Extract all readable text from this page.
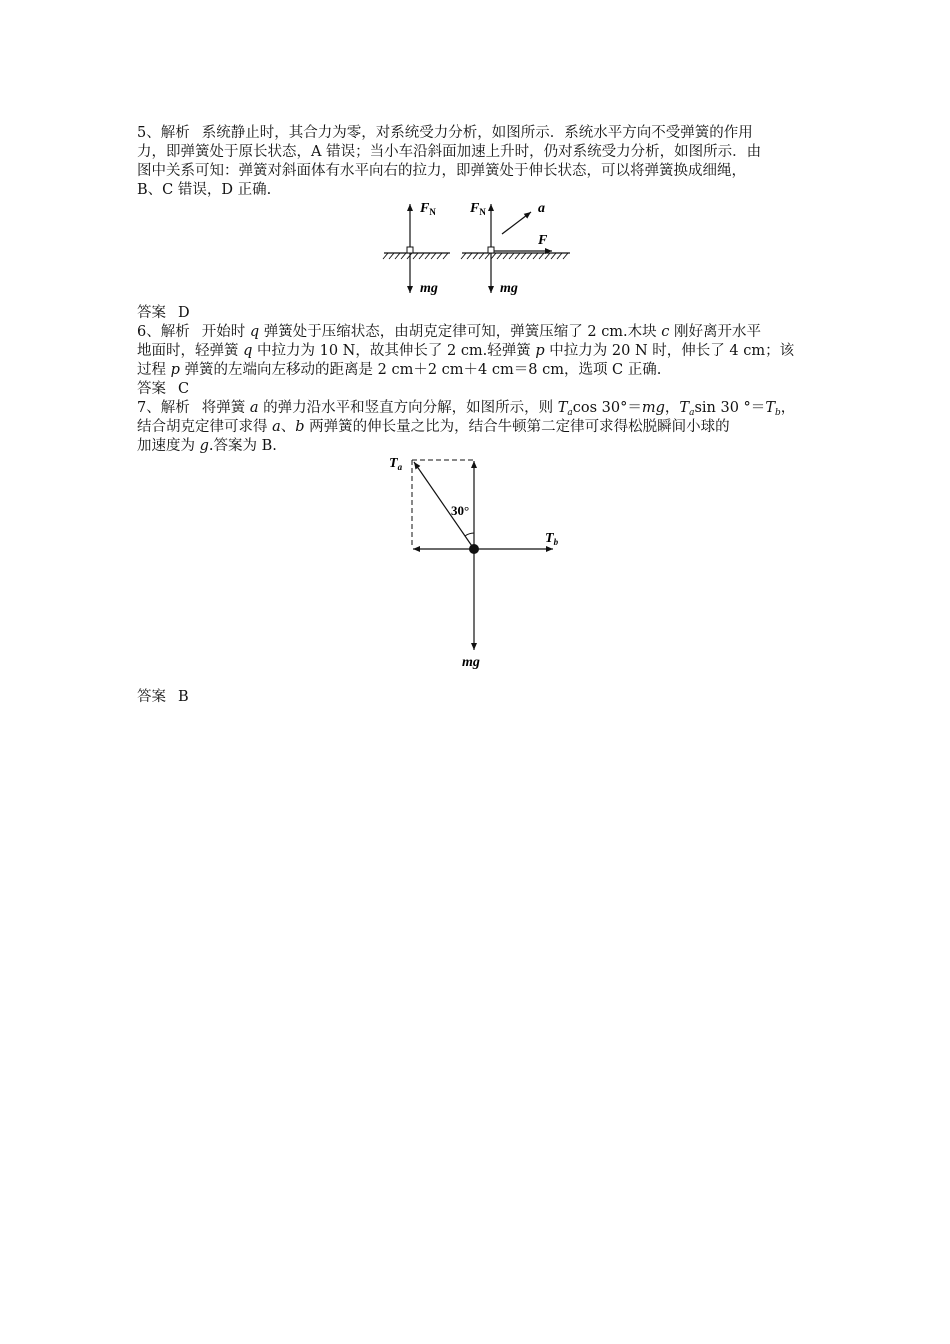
5、解析 系统静止时，其合力为零，对系统受力分析，如图所示．系统水平方向不受弹簧的作用
力，即弹簧处于原长状态，A 错误；当小车沿斜面加速上升时，仍对系统受力分析，如图所示．由
图中关系可知：弹簧对斜面体有水平向右的拉力，即弹簧处于伸长状态，可以将弹簧换成细绳，
B、C 错误，D 正确.
$F_N$
mg
$F_N$	a
F
mg
答案 D
6、解析 开始时 q 弹簧处于压缩状态，由胡克定律可知，弹簧压缩了 2 cm.木块 c 刚好离开水平
地面时，轻弹簧 q 中拉力为 10 N，故其伸长了 2 cm.轻弹簧 p 中拉力为 20 N 时，伸长了 4 cm；该
过程 p 弹簧的左端向左移动的距离是 2 cm＋2 cm＋4 cm＝8 cm，选项 C 正确.
答案 C
7、解析 将弹簧 a 的弹力沿水平和竖直方向分解，如图所示，则 $T_a\cos$ 30°＝mg，$T_a\sin$ 30 $^\circ=T_b$，
结合胡克定律可求得 a、b 两弹簧的伸长量之比为，结合牛顿第二定律可求得松脱瞬间小球的
加速度为 g.答案为 B.
$T_a$
30°
$T_b$
mg
答案 B
